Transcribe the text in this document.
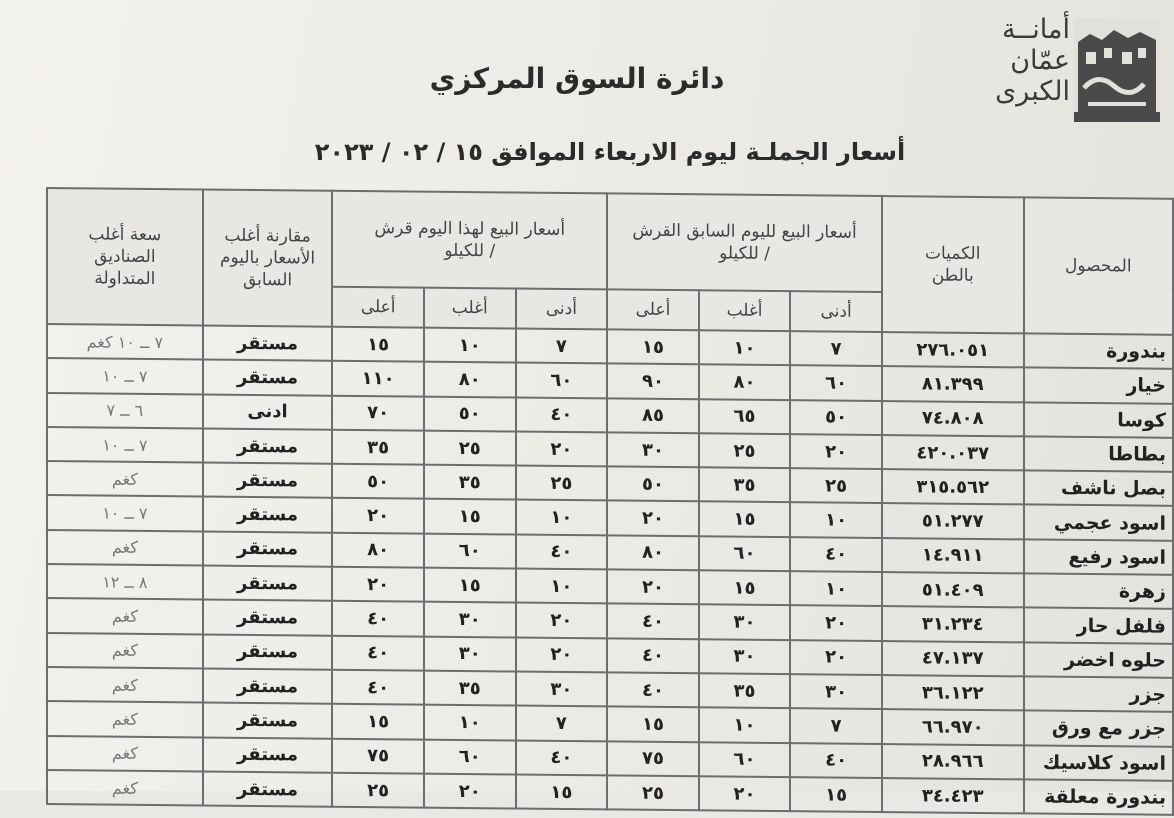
أمانــة
عمّان
الكبرى
دائرة السوق المركزي
أسعار الجملـة ليوم الاربعاء الموافق ١٥ / ٠٢ / ٢٠٢٣
المحصول	الكميات بالطن	أسعار البيع لليوم السابق القرش / للكيلو			أسعار البيع لهذا اليوم قرش / للكيلو			مقارنة أغلب الأسعار باليوم السابق	سعة أغلب الصناديق المتداولة
		أدنى	أغلب	أعلى	أدنى	أغلب	أعلى		
بندورة	٢٧٦.٠٥١	٧	١٠	١٥	٧	١٠	١٥	مستقر	٧ ــ ١٠ كغم
خيار	٨١.٣٩٩	٦٠	٨٠	٩٠	٦٠	٨٠	١١٠	مستقر	٧ ــ ١٠
كوسا	٧٤.٨٠٨	٥٠	٦٥	٨٥	٤٠	٥٠	٧٠	ادنى	٦ ــ ٧
بطاطا	٤٢٠.٠٣٧	٢٠	٢٥	٣٠	٢٠	٢٥	٣٥	مستقر	٧ ــ ١٠
بصل ناشف	٣١٥.٥٦٢	٢٥	٣٥	٥٠	٢٥	٣٥	٥٠	مستقر	كغم
اسود عجمي	٥١.٢٧٧	١٠	١٥	٢٠	١٠	١٥	٢٠	مستقر	٧ ــ ١٠
اسود رفيع	١٤.٩١١	٤٠	٦٠	٨٠	٤٠	٦٠	٨٠	مستقر	كغم
زهرة	٥١.٤٠٩	١٠	١٥	٢٠	١٠	١٥	٢٠	مستقر	٨ ــ ١٢
فلفل حار	٣١.٢٣٤	٢٠	٣٠	٤٠	٢٠	٣٠	٤٠	مستقر	كغم
حلوه اخضر	٤٧.١٣٧	٢٠	٣٠	٤٠	٢٠	٣٠	٤٠	مستقر	كغم
جزر	٣٦.١٢٢	٣٠	٣٥	٤٠	٣٠	٣٥	٤٠	مستقر	كغم
جزر مع ورق	٦٦.٩٧٠	٧	١٠	١٥	٧	١٠	١٥	مستقر	كغم
اسود كلاسيك	٢٨.٩٦٦	٤٠	٦٠	٧٥	٤٠	٦٠	٧٥	مستقر	كغم
بندورة معلقة	٣٤.٤٢٣	١٥	٢٠	٢٥	١٥	٢٠	٢٥	مستقر	كغم
